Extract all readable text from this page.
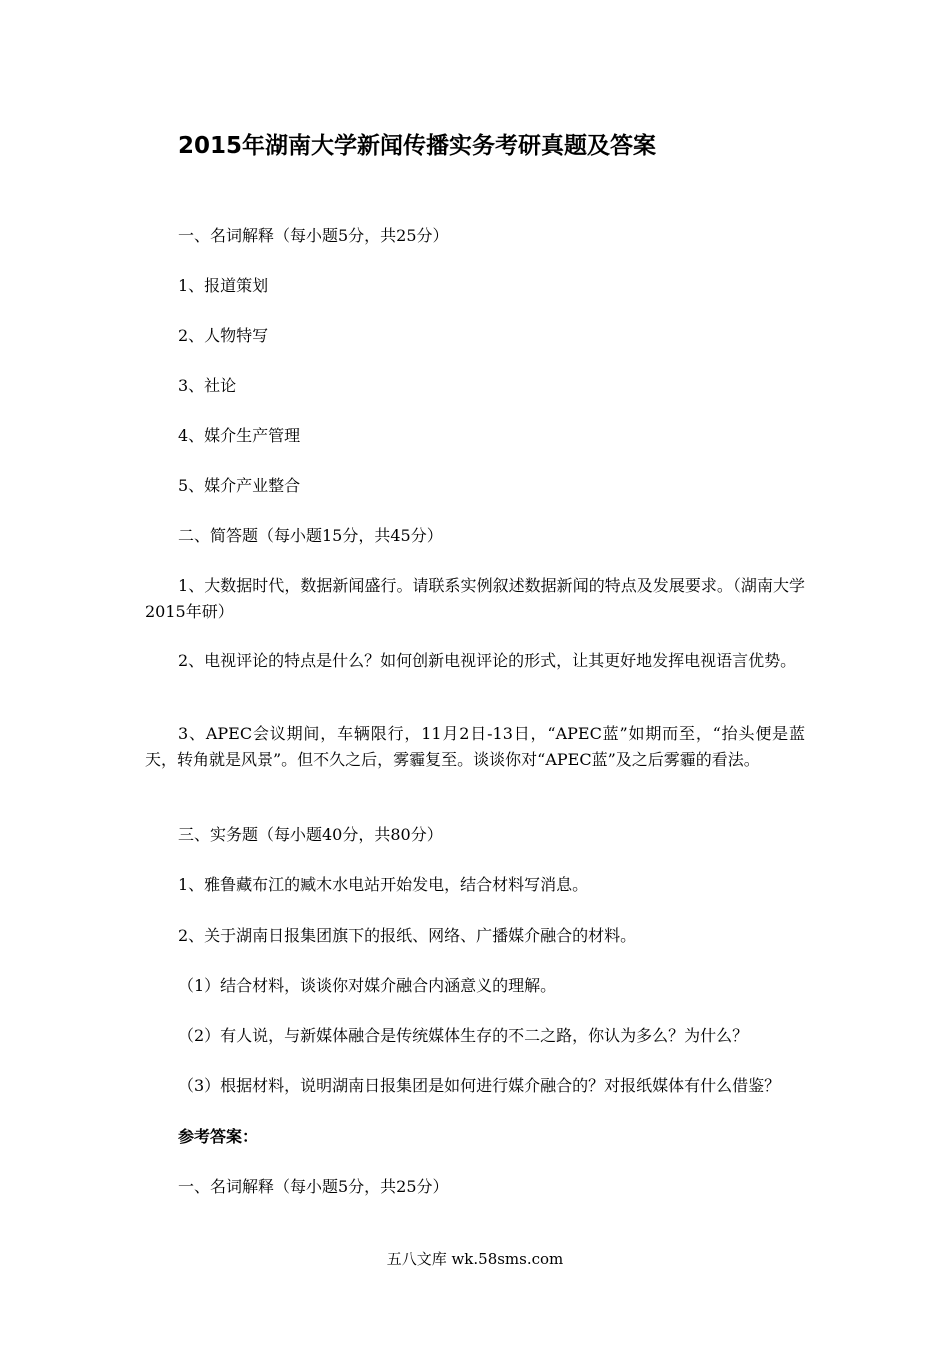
2015年湖南大学新闻传播实务考研真题及答案
一、名词解释（每小题5分，共25分）
1、报道策划
2、人物特写
3、社论
4、媒介生产管理
5、媒介产业整合
二、简答题（每小题15分，共45分）
1、大数据时代，数据新闻盛行。请联系实例叙述数据新闻的特点及发展要求。（湖南大学2015年研）
2、电视评论的特点是什么？如何创新电视评论的形式，让其更好地发挥电视语言优势。
3、APEC会议期间，车辆限行，11月2日-13日，“APEC蓝”如期而至，“抬头便是蓝天，转角就是风景”。但不久之后，雾霾复至。谈谈你对“APEC蓝”及之后雾霾的看法。
三、实务题（每小题40分，共80分）
1、雅鲁藏布江的臧木水电站开始发电，结合材料写消息。
2、关于湖南日报集团旗下的报纸、网络、广播媒介融合的材料。
（1）结合材料，谈谈你对媒介融合内涵意义的理解。
（2）有人说，与新媒体融合是传统媒体生存的不二之路，你认为多么？为什么？
（3）根据材料，说明湖南日报集团是如何进行媒介融合的？对报纸媒体有什么借鉴？
参考答案：
一、名词解释（每小题5分，共25分）
五八文库 wk.58sms.com
